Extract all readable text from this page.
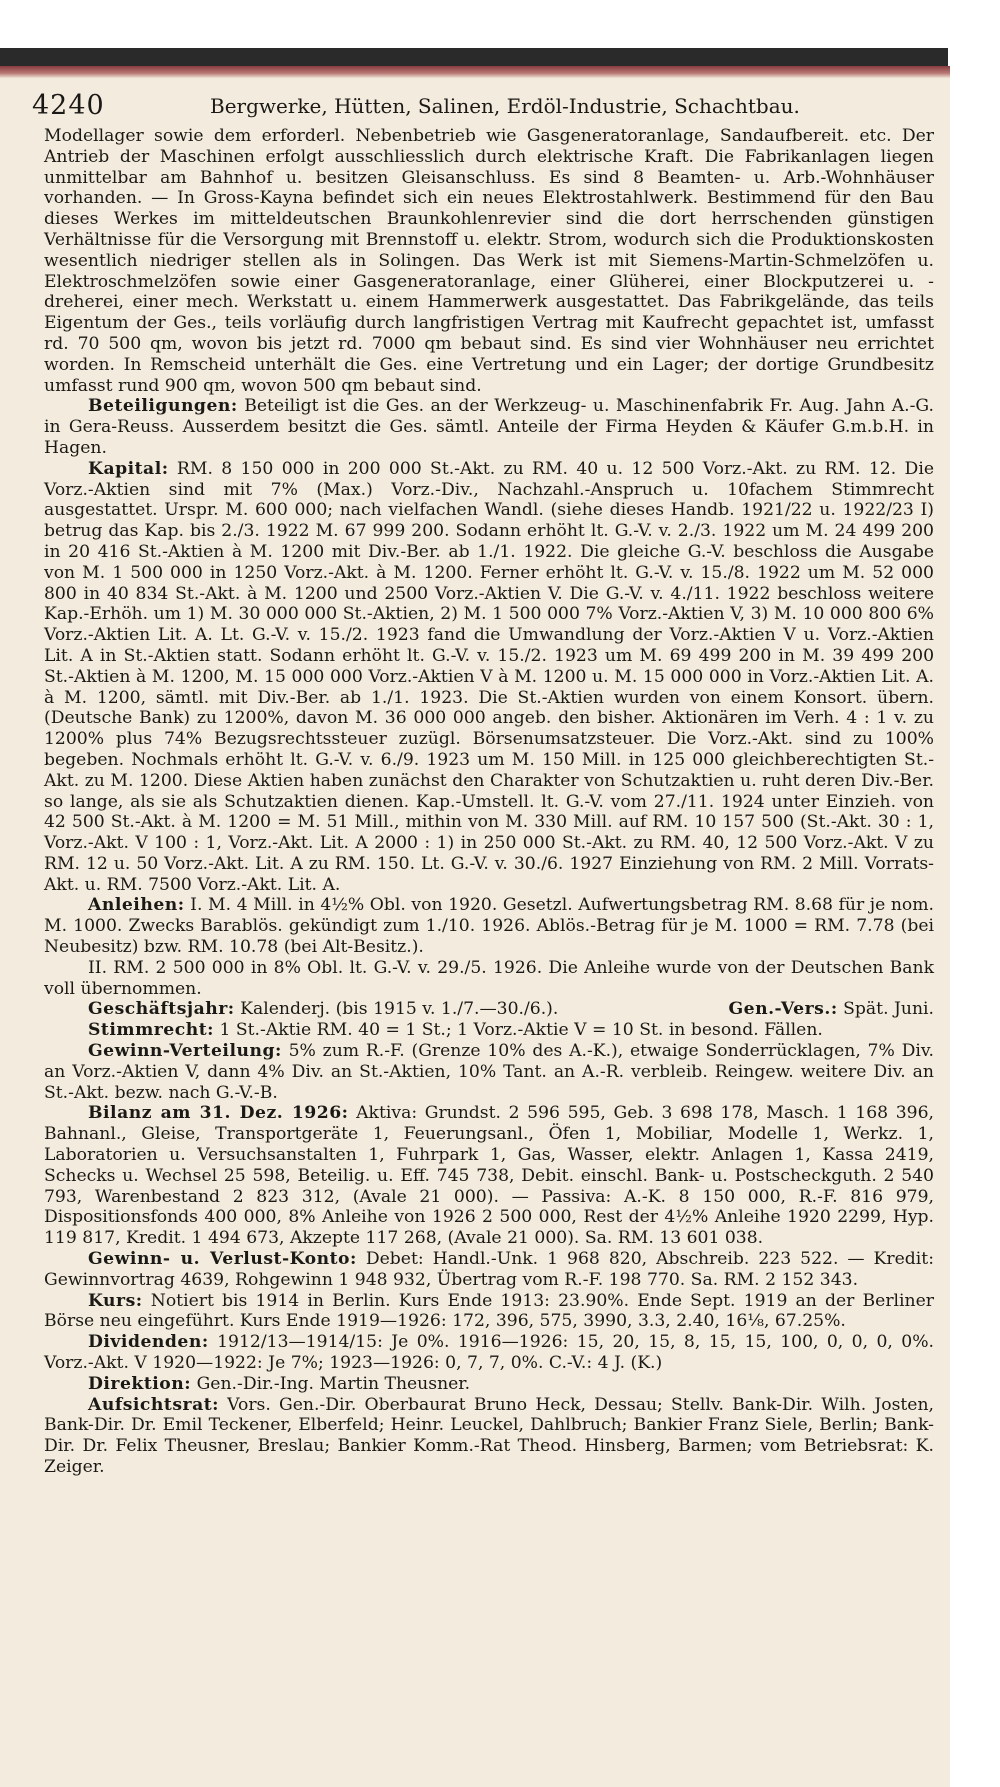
4240	Bergwerke, Hütten, Salinen, Erdöl-Industrie, Schachtbau.

Modellager sowie dem erforderl. Nebenbetrieb wie Gasgeneratoranlage, Sandaufbereit. etc. Der Antrieb der Maschinen erfolgt ausschliesslich durch elektrische Kraft. Die Fabrikanlagen liegen unmittelbar am Bahnhof u. besitzen Gleisanschluss. Es sind 8 Beamten- u. Arb.-Wohnhäuser vorhanden. — In Gross-Kayna befindet sich ein neues Elektrostahlwerk. Bestimmend für den Bau dieses Werkes im mitteldeutschen Braunkohlenrevier sind die dort herrschenden günstigen Verhältnisse für die Versorgung mit Brennstoff u. elektr. Strom, wodurch sich die Produktionskosten wesentlich niedriger stellen als in Solingen. Das Werk ist mit Siemens-Martin-Schmelzöfen u. Elektroschmelzöfen sowie einer Gasgeneratoranlage, einer Glüherei, einer Blockputzerei u. -dreherei, einer mech. Werkstatt u. einem Hammerwerk ausgestattet. Das Fabrikgelände, das teils Eigentum der Ges., teils vorläufig durch langfristigen Vertrag mit Kaufrecht gepachtet ist, umfasst rd. 70 500 qm, wovon bis jetzt rd. 7000 qm bebaut sind. Es sind vier Wohnhäuser neu errichtet worden. In Remscheid unterhält die Ges. eine Vertretung und ein Lager; der dortige Grundbesitz umfasst rund 900 qm, wovon 500 qm bebaut sind.

Beteiligungen: Beteiligt ist die Ges. an der Werkzeug- u. Maschinenfabrik Fr. Aug. Jahn A.-G. in Gera-Reuss. Ausserdem besitzt die Ges. sämtl. Anteile der Firma Heyden & Käufer G.m.b.H. in Hagen.

Kapital: RM. 8 150 000 in 200 000 St.-Akt. zu RM. 40 u. 12 500 Vorz.-Akt. zu RM. 12. Die Vorz.-Aktien sind mit 7% (Max.) Vorz.-Div., Nachzahl.-Anspruch u. 10fachem Stimmrecht ausgestattet. Urspr. M. 600 000; nach vielfachen Wandl. (siehe dieses Handb. 1921/22 u. 1922/23 I) betrug das Kap. bis 2./3. 1922 M. 67 999 200. Sodann erhöht lt. G.-V. v. 2./3. 1922 um M. 24 499 200 in 20 416 St.-Aktien à M. 1200 mit Div.-Ber. ab 1./1. 1922. Die gleiche G.-V. beschloss die Ausgabe von M. 1 500 000 in 1250 Vorz.-Akt. à M. 1200. Ferner erhöht lt. G.-V. v. 15./8. 1922 um M. 52 000 800 in 40 834 St.-Akt. à M. 1200 und 2500 Vorz.-Aktien V. Die G.-V. v. 4./11. 1922 beschloss weitere Kap.-Erhöh. um 1) M. 30 000 000 St.-Aktien, 2) M. 1 500 000 7% Vorz.-Aktien V, 3) M. 10 000 800 6% Vorz.-Aktien Lit. A. Lt. G.-V. v. 15./2. 1923 fand die Umwandlung der Vorz.-Aktien V u. Vorz.-Aktien Lit. A in St.-Aktien statt. Sodann erhöht lt. G.-V. v. 15./2. 1923 um M. 69 499 200 in M. 39 499 200 St.-Aktien à M. 1200, M. 15 000 000 Vorz.-Aktien V à M. 1200 u. M. 15 000 000 in Vorz.-Aktien Lit. A. à M. 1200, sämtl. mit Div.-Ber. ab 1./1. 1923. Die St.-Aktien wurden von einem Konsort. übern. (Deutsche Bank) zu 1200%, davon M. 36 000 000 angeb. den bisher. Aktionären im Verh. 4 : 1 v. zu 1200% plus 74% Bezugsrechtssteuer zuzügl. Börsenumsatzsteuer. Die Vorz.-Akt. sind zu 100% begeben. Nochmals erhöht lt. G.-V. v. 6./9. 1923 um M. 150 Mill. in 125 000 gleichberechtigten St.-Akt. zu M. 1200. Diese Aktien haben zunächst den Charakter von Schutzaktien u. ruht deren Div.-Ber. so lange, als sie als Schutzaktien dienen. Kap.-Umstell. lt. G.-V. vom 27./11. 1924 unter Einzieh. von 42 500 St.-Akt. à M. 1200 = M. 51 Mill., mithin von M. 330 Mill. auf RM. 10 157 500 (St.-Akt. 30 : 1, Vorz.-Akt. V 100 : 1, Vorz.-Akt. Lit. A 2000 : 1) in 250 000 St.-Akt. zu RM. 40, 12 500 Vorz.-Akt. V zu RM. 12 u. 50 Vorz.-Akt. Lit. A zu RM. 150. Lt. G.-V. v. 30./6. 1927 Einziehung von RM. 2 Mill. Vorrats-Akt. u. RM. 7500 Vorz.-Akt. Lit. A.

Anleihen: I. M. 4 Mill. in 4½% Obl. von 1920. Gesetzl. Aufwertungsbetrag RM. 8.68 für je nom. M. 1000. Zwecks Barablös. gekündigt zum 1./10. 1926. Ablös.-Betrag für je M. 1000 = RM. 7.78 (bei Neubesitz) bzw. RM. 10.78 (bei Alt-Besitz.).

II. RM. 2 500 000 in 8% Obl. lt. G.-V. v. 29./5. 1926. Die Anleihe wurde von der Deutschen Bank voll übernommen.

Geschäftsjahr: Kalenderj. (bis 1915 v. 1./7.—30./6.).	Gen.-Vers.: Spät. Juni.

Stimmrecht: 1 St.-Aktie RM. 40 = 1 St.; 1 Vorz.-Aktie V = 10 St. in besond. Fällen.

Gewinn-Verteilung: 5% zum R.-F. (Grenze 10% des A.-K.), etwaige Sonderrücklagen, 7% Div. an Vorz.-Aktien V, dann 4% Div. an St.-Aktien, 10% Tant. an A.-R. verbleib. Reingew. weitere Div. an St.-Akt. bezw. nach G.-V.-B.

Bilanz am 31. Dez. 1926: Aktiva: Grundst. 2 596 595, Geb. 3 698 178, Masch. 1 168 396, Bahnanl., Gleise, Transportgeräte 1, Feuerungsanl., Öfen 1, Mobiliar, Modelle 1, Werkz. 1, Laboratorien u. Versuchsanstalten 1, Fuhrpark 1, Gas, Wasser, elektr. Anlagen 1, Kassa 2419, Schecks u. Wechsel 25 598, Beteilig. u. Eff. 745 738, Debit. einschl. Bank- u. Postscheckguth. 2 540 793, Warenbestand 2 823 312, (Avale 21 000). — Passiva: A.-K. 8 150 000, R.-F. 816 979, Dispositionsfonds 400 000, 8% Anleihe von 1926 2 500 000, Rest der 4½% Anleihe 1920 2299, Hyp. 119 817, Kredit. 1 494 673, Akzepte 117 268, (Avale 21 000). Sa. RM. 13 601 038.

Gewinn- u. Verlust-Konto: Debet: Handl.-Unk. 1 968 820, Abschreib. 223 522. — Kredit: Gewinnvortrag 4639, Rohgewinn 1 948 932, Übertrag vom R.-F. 198 770. Sa. RM. 2 152 343.

Kurs: Notiert bis 1914 in Berlin. Kurs Ende 1913: 23.90%. Ende Sept. 1919 an der Berliner Börse neu eingeführt. Kurs Ende 1919—1926: 172, 396, 575, 3990, 3.3, 2.40, 16⅛, 67.25%.

Dividenden: 1912/13—1914/15: Je 0%. 1916—1926: 15, 20, 15, 8, 15, 15, 100, 0, 0, 0, 0%. Vorz.-Akt. V 1920—1922: Je 7%; 1923—1926: 0, 7, 7, 0%. C.-V.: 4 J. (K.)

Direktion: Gen.-Dir.-Ing. Martin Theusner.

Aufsichtsrat: Vors. Gen.-Dir. Oberbaurat Bruno Heck, Dessau; Stellv. Bank-Dir. Wilh. Josten, Bank-Dir. Dr. Emil Teckener, Elberfeld; Heinr. Leuckel, Dahlbruch; Bankier Franz Siele, Berlin; Bank-Dir. Dr. Felix Theusner, Breslau; Bankier Komm.-Rat Theod. Hinsberg, Barmen; vom Betriebsrat: K. Zeiger.
